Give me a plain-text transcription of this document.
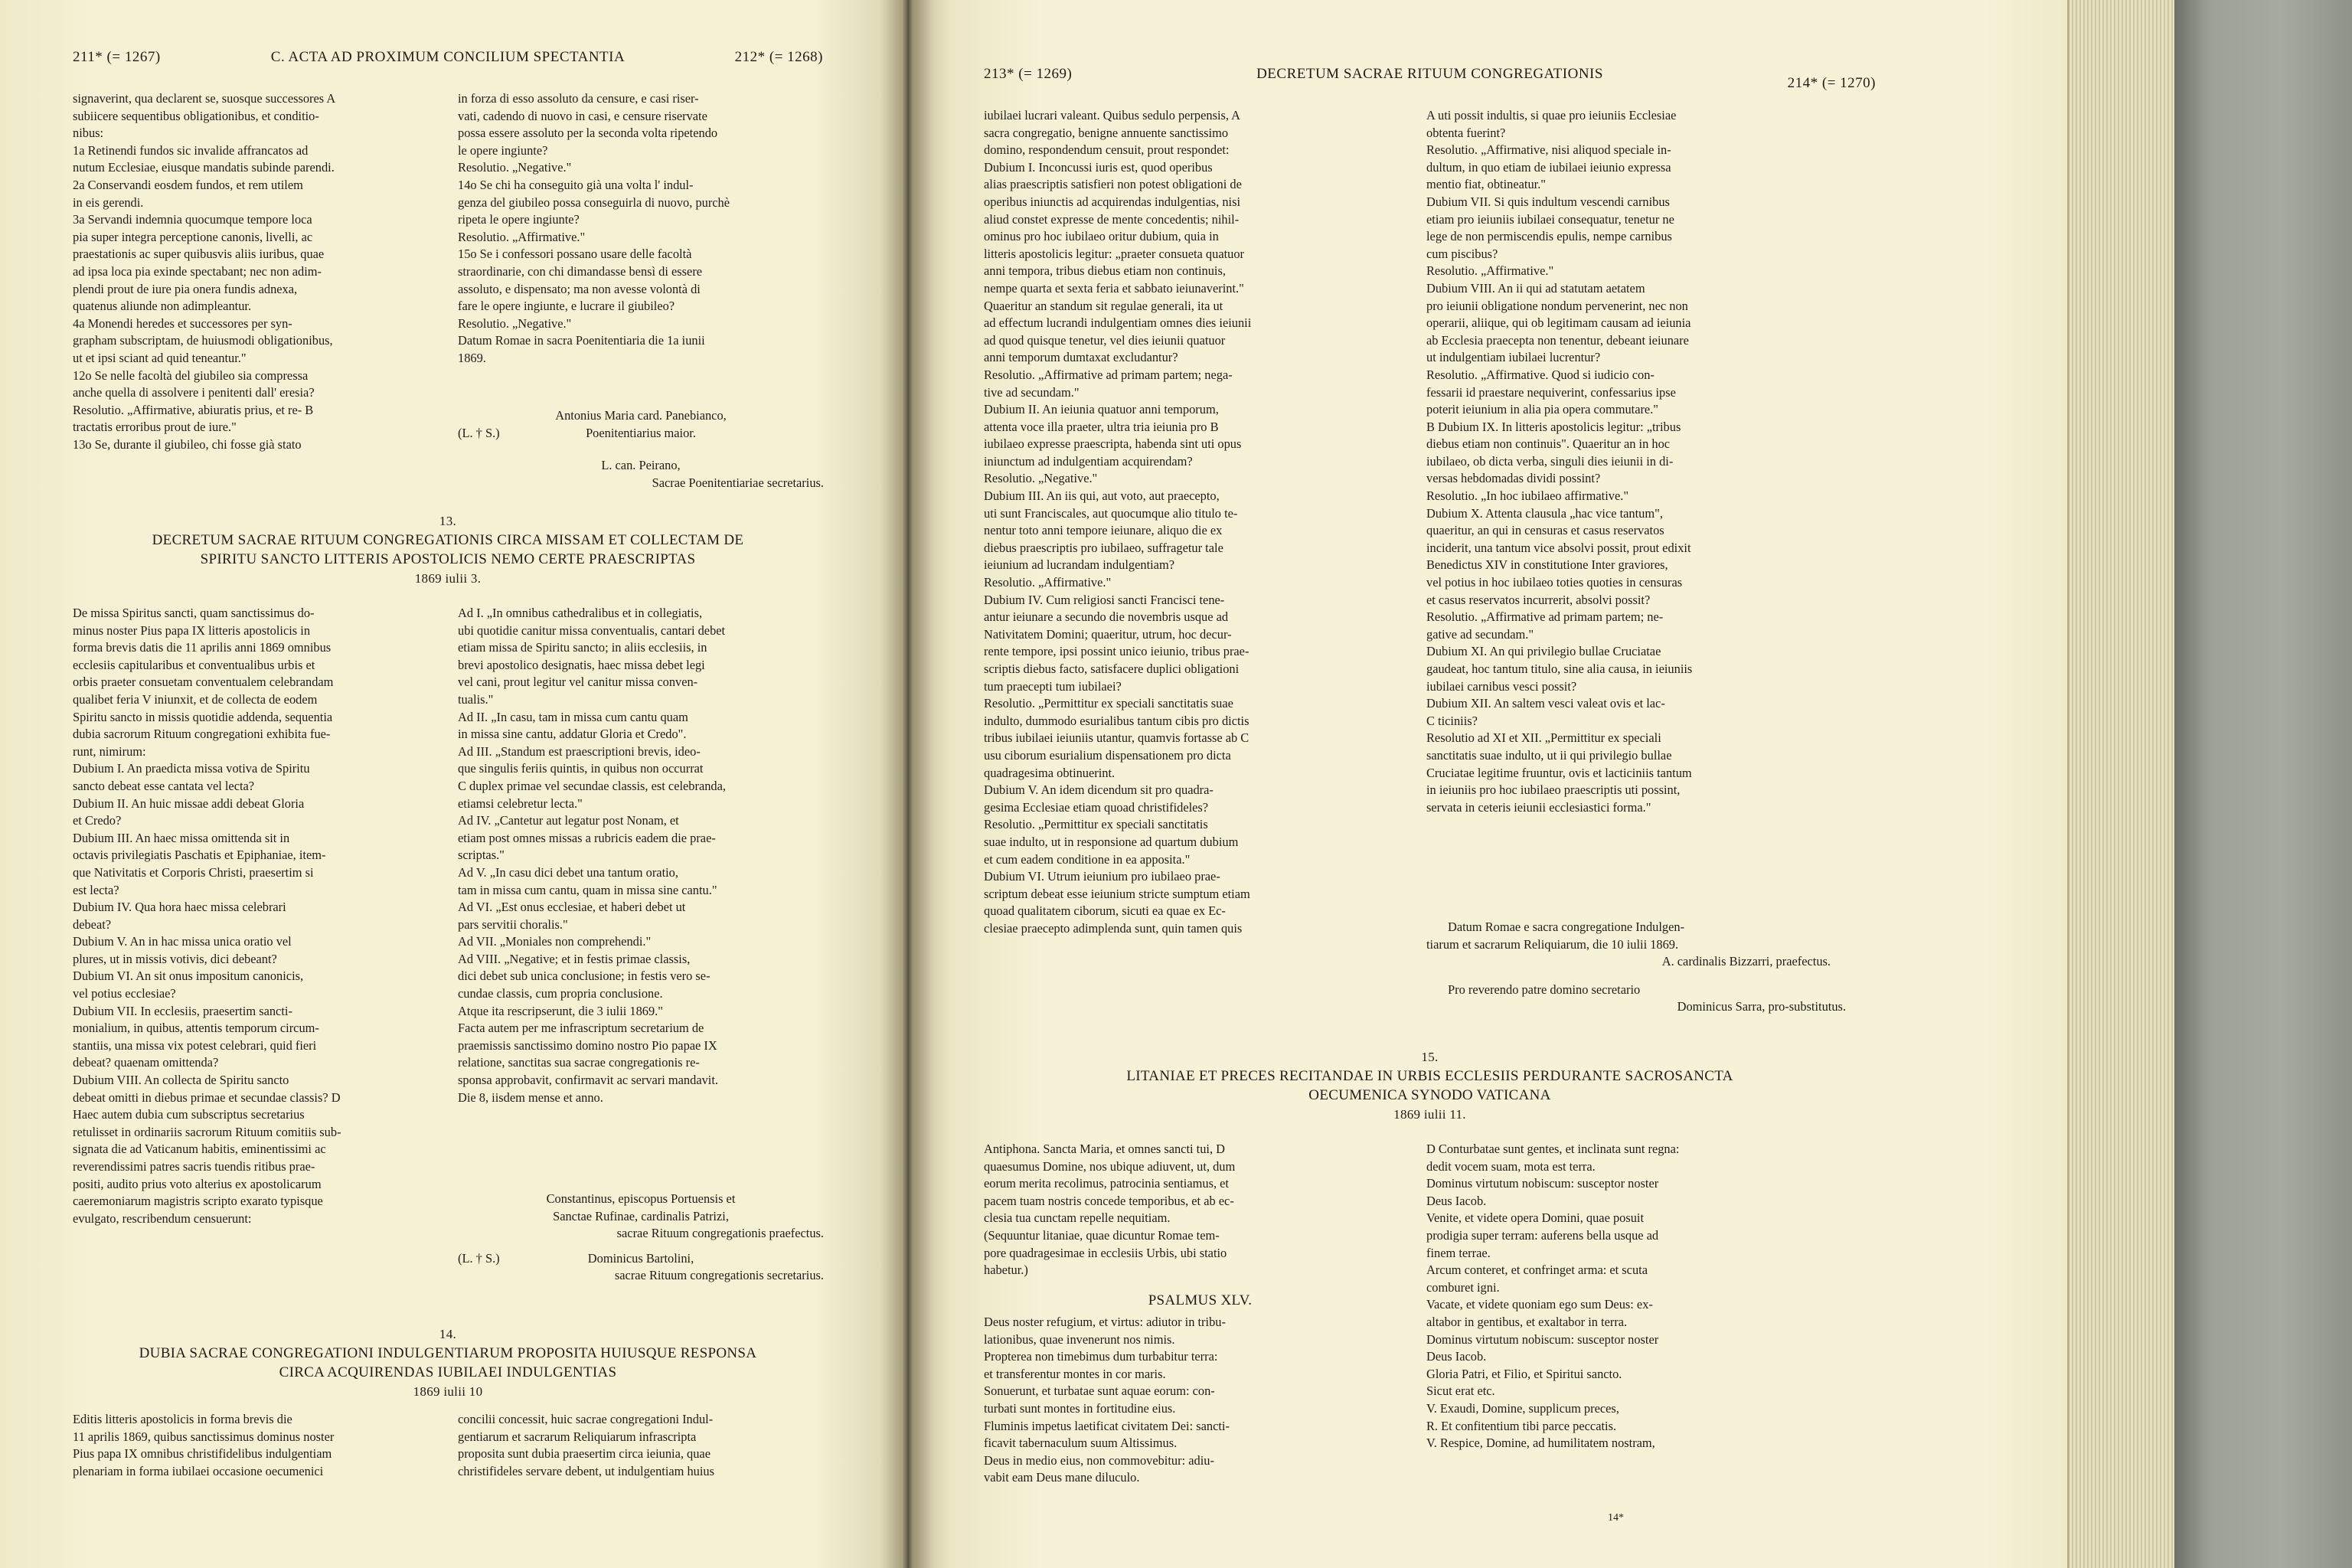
211* (= 1267)	C. ACTA AD PROXIMUM CONCILIUM SPECTANTIA	212* (= 1268)
signaverint, qua declarent se, suosque successores A
subiicere sequentibus obligationibus, et conditio-
nibus:
1a Retinendi fundos sic invalide affrancatos ad
nutum Ecclesiae, eiusque mandatis subinde parendi.
2a Conservandi eosdem fundos, et rem utilem
in eis gerendi.
3a Servandi indemnia quocumque tempore loca
pia super integra perceptione canonis, livelli, ac
praestationis ac super quibusvis aliis iuribus, quae
ad ipsa loca pia exinde spectabant; nec non adim-
plendi prout de iure pia onera fundis adnexa,
quatenus aliunde non adimpleantur.
4a Monendi heredes et successores per syn-
grapham subscriptam, de huiusmodi obligationibus,
ut et ipsi sciant ad quid teneantur."
12o Se nelle facoltà del giubileo sia compressa
anche quella di assolvere i penitenti dall' eresia?
Resolutio. „Affirmative, abiuratis prius, et re- B
tractatis erroribus prout de iure."
13o Se, durante il giubileo, chi fosse già stato
in forza di esso assoluto da censure, e casi riser-
vati, cadendo di nuovo in casi, e censure riservate
possa essere assoluto per la seconda volta ripetendo
le opere ingiunte?
Resolutio. „Negative."
14o Se chi ha conseguito già una volta l' indul-
genza del giubileo possa conseguirla di nuovo, purchè
ripeta le opere ingiunte?
Resolutio. „Affirmative."
15o Se i confessori possano usare delle facoltà
straordinarie, con chi dimandasse bensì di essere
assoluto, e dispensato; ma non avesse volontà di
fare le opere ingiunte, e lucrare il giubileo?
Resolutio. „Negative."
Datum Romae in sacra Poenitentiaria die 1a iunii
1869.
Antonius Maria card. Panebianco,
(L. † S.)	Poenitentiarius maior.
L. can. Peirano,
Sacrae Poenitentiariae secretarius.
13.
DECRETUM SACRAE RITUUM CONGREGATIONIS CIRCA MISSAM ET COLLECTAM DE
SPIRITU SANCTO LITTERIS APOSTOLICIS NEMO CERTE PRAESCRIPTAS
1869 iulii 3.
De missa Spiritus sancti, quam sanctissimus do-
minus noster Pius papa IX litteris apostolicis in
forma brevis datis die 11 aprilis anni 1869 omnibus
ecclesiis capitularibus et conventualibus urbis et
orbis praeter consuetam conventualem celebrandam
qualibet feria V iniunxit, et de collecta de eodem
Spiritu sancto in missis quotidie addenda, sequentia
dubia sacrorum Rituum congregationi exhibita fue-
runt, nimirum:
Dubium I. An praedicta missa votiva de Spiritu
sancto debeat esse cantata vel lecta?
Dubium II. An huic missae addi debeat Gloria
et Credo?
Dubium III. An haec missa omittenda sit in
octavis privilegiatis Paschatis et Epiphaniae, item-
que Nativitatis et Corporis Christi, praesertim si
est lecta?
Dubium IV. Qua hora haec missa celebrari
debeat?
Dubium V. An in hac missa unica oratio vel
plures, ut in missis votivis, dici debeant?
Dubium VI. An sit onus impositum canonicis,
vel potius ecclesiae?
Dubium VII. In ecclesiis, praesertim sancti-
monialium, in quibus, attentis temporum circum-
stantiis, una missa vix potest celebrari, quid fieri
debeat? quaenam omittenda?
Dubium VIII. An collecta de Spiritu sancto
debeat omitti in diebus primae et secundae classis? D
Haec autem dubia cum subscriptus secretarius
retulisset in ordinariis sacrorum Rituum comitiis sub-
signata die ad Vaticanum habitis, eminentissimi ac
reverendissimi patres sacris tuendis ritibus prae-
positi, audito prius voto alterius ex apostolicarum
caeremoniarum magistris scripto exarato typisque
evulgato, rescribendum censuerunt:
Ad I. „In omnibus cathedralibus et in collegiatis,
ubi quotidie canitur missa conventualis, cantari debet
etiam missa de Spiritu sancto; in aliis ecclesiis, in
brevi apostolico designatis, haec missa debet legi
vel cani, prout legitur vel canitur missa conven-
tualis."
Ad II. „In casu, tam in missa cum cantu quam
in missa sine cantu, addatur Gloria et Credo".
Ad III. „Standum est praescriptioni brevis, ideo-
que singulis feriis quintis, in quibus non occurrat
C duplex primae vel secundae classis, est celebranda,
etiamsi celebretur lecta."
Ad IV. „Cantetur aut legatur post Nonam, et
etiam post omnes missas a rubricis eadem die prae-
scriptas."
Ad V. „In casu dici debet una tantum oratio,
tam in missa cum cantu, quam in missa sine cantu."
Ad VI. „Est onus ecclesiae, et haberi debet ut
pars servitii choralis."
Ad VII. „Moniales non comprehendi."
Ad VIII. „Negative; et in festis primae classis,
dici debet sub unica conclusione; in festis vero se-
cundae classis, cum propria conclusione.
Atque ita rescripserunt, die 3 iulii 1869."
Facta autem per me infrascriptum secretarium de
praemissis sanctissimo domino nostro Pio papae IX
relatione, sanctitas sua sacrae congregationis re-
sponsa approbavit, confirmavit ac servari mandavit.
Die 8, iisdem mense et anno.
Constantinus, episcopus Portuensis et
Sanctae Rufinae, cardinalis Patrizi,
sacrae Rituum congregationis praefectus.
(L. † S.)	Dominicus Bartolini,
sacrae Rituum congregationis secretarius.
14.
DUBIA SACRAE CONGREGATIONI INDULGENTIARUM PROPOSITA HUIUSQUE RESPONSA
CIRCA ACQUIRENDAS IUBILAEI INDULGENTIAS
1869 iulii 10
Editis litteris apostolicis in forma brevis die
11 aprilis 1869, quibus sanctissimus dominus noster
Pius papa IX omnibus christifidelibus indulgentiam
plenariam in forma iubilaei occasione oecumenici
concilii concessit, huic sacrae congregationi Indul-
gentiarum et sacrarum Reliquiarum infrascripta
proposita sunt dubia praesertim circa ieiunia, quae
christifideles servare debent, ut indulgentiam huius
213* (= 1269)	DECRETUM SACRAE RITUUM CONGREGATIONIS
214* (= 1270)
iubilaei lucrari valeant. Quibus sedulo perpensis, A
sacra congregatio, benigne annuente sanctissimo
domino, respondendum censuit, prout respondet:
Dubium I. Inconcussi iuris est, quod operibus
alias praescriptis satisfieri non potest obligationi de
operibus iniunctis ad acquirendas indulgentias, nisi
aliud constet expresse de mente concedentis; nihil-
ominus pro hoc iubilaeo oritur dubium, quia in
litteris apostolicis legitur: „praeter consueta quatuor
anni tempora, tribus diebus etiam non continuis,
nempe quarta et sexta feria et sabbato ieiunaverint."
Quaeritur an standum sit regulae generali, ita ut
ad effectum lucrandi indulgentiam omnes dies ieiunii
ad quod quisque tenetur, vel dies ieiunii quatuor
anni temporum dumtaxat excludantur?
Resolutio. „Affirmative ad primam partem; nega-
tive ad secundam."
Dubium II. An ieiunia quatuor anni temporum,
attenta voce illa praeter, ultra tria ieiunia pro B
iubilaeo expresse praescripta, habenda sint uti opus
iniunctum ad indulgentiam acquirendam?
Resolutio. „Negative."
Dubium III. An iis qui, aut voto, aut praecepto,
uti sunt Franciscales, aut quocumque alio titulo te-
nentur toto anni tempore ieiunare, aliquo die ex
diebus praescriptis pro iubilaeo, suffragetur tale
ieiunium ad lucrandam indulgentiam?
Resolutio. „Affirmative."
Dubium IV. Cum religiosi sancti Francisci tene-
antur ieiunare a secundo die novembris usque ad
Nativitatem Domini; quaeritur, utrum, hoc decur-
rente tempore, ipsi possint unico ieiunio, tribus prae-
scriptis diebus facto, satisfacere duplici obligationi
tum praecepti tum iubilaei?
Resolutio. „Permittitur ex speciali sanctitatis suae
indulto, dummodo esurialibus tantum cibis pro dictis
tribus iubilaei ieiuniis utantur, quamvis fortasse ab C
usu ciborum esurialium dispensationem pro dicta
quadragesima obtinuerint.
Dubium V. An idem dicendum sit pro quadra-
gesima Ecclesiae etiam quoad christifideles?
Resolutio. „Permittitur ex speciali sanctitatis
suae indulto, ut in responsione ad quartum dubium
et cum eadem conditione in ea apposita."
Dubium VI. Utrum ieiunium pro iubilaeo prae-
scriptum debeat esse ieiunium stricte sumptum etiam
quoad qualitatem ciborum, sicuti ea quae ex Ec-
clesiae praecepto adimplenda sunt, quin tamen quis
A uti possit indultis, si quae pro ieiuniis Ecclesiae
obtenta fuerint?
Resolutio. „Affirmative, nisi aliquod speciale in-
dultum, in quo etiam de iubilaei ieiunio expressa
mentio fiat, obtineatur."
Dubium VII. Si quis indultum vescendi carnibus
etiam pro ieiuniis iubilaei consequatur, tenetur ne
lege de non permiscendis epulis, nempe carnibus
cum piscibus?
Resolutio. „Affirmative."
Dubium VIII. An ii qui ad statutam aetatem
pro ieiunii obligatione nondum pervenerint, nec non
operarii, aliique, qui ob legitimam causam ad ieiunia
ab Ecclesia praecepta non tenentur, debeant ieiunare
ut indulgentiam iubilaei lucrentur?
Resolutio. „Affirmative. Quod si iudicio con-
fessarii id praestare nequiverint, confessarius ipse
poterit ieiunium in alia pia opera commutare."
B Dubium IX. In litteris apostolicis legitur: „tribus
diebus etiam non continuis". Quaeritur an in hoc
iubilaeo, ob dicta verba, singuli dies ieiunii in di-
versas hebdomadas dividi possint?
Resolutio. „In hoc iubilaeo affirmative."
Dubium X. Attenta clausula „hac vice tantum",
quaeritur, an qui in censuras et casus reservatos
inciderit, una tantum vice absolvi possit, prout edixit
Benedictus XIV in constitutione Inter graviores,
vel potius in hoc iubilaeo toties quoties in censuras
et casus reservatos incurrerit, absolvi possit?
Resolutio. „Affirmative ad primam partem; ne-
gative ad secundam."
Dubium XI. An qui privilegio bullae Cruciatae
gaudeat, hoc tantum titulo, sine alia causa, in ieiuniis
iubilaei carnibus vesci possit?
Dubium XII. An saltem vesci valeat ovis et lac-
C ticiniis?
Resolutio ad XI et XII. „Permittitur ex speciali
sanctitatis suae indulto, ut ii qui privilegio bullae
Cruciatae legitime fruuntur, ovis et lacticiniis tantum
in ieiuniis pro hoc iubilaeo praescriptis uti possint,
servata in ceteris ieiunii ecclesiastici forma."
Datum Romae e sacra congregatione Indulgen-
tiarum et sacrarum Reliquiarum, die 10 iulii 1869.
A. cardinalis Bizzarri, praefectus.
Pro reverendo patre domino secretario
Dominicus Sarra, pro-substitutus.
15.
LITANIAE ET PRECES RECITANDAE IN URBIS ECCLESIIS PERDURANTE SACROSANCTA
OECUMENICA SYNODO VATICANA
1869 iulii 11.
Antiphona. Sancta Maria, et omnes sancti tui, D
quaesumus Domine, nos ubique adiuvent, ut, dum
eorum merita recolimus, patrocinia sentiamus, et
pacem tuam nostris concede temporibus, et ab ec-
clesia tua cunctam repelle nequitiam.
(Sequuntur litaniae, quae dicuntur Romae tem-
pore quadragesimae in ecclesiis Urbis, ubi statio
habetur.)
PSALMUS XLV.
Deus noster refugium, et virtus: adiutor in tribu-
lationibus, quae invenerunt nos nimis.
Propterea non timebimus dum turbabitur terra:
et transferentur montes in cor maris.
Sonuerunt, et turbatae sunt aquae eorum: con-
turbati sunt montes in fortitudine eius.
Fluminis impetus laetificat civitatem Dei: sancti-
ficavit tabernaculum suum Altissimus.
Deus in medio eius, non commovebitur: adiu-
vabit eam Deus mane diluculo.
D Conturbatae sunt gentes, et inclinata sunt regna:
dedit vocem suam, mota est terra.
Dominus virtutum nobiscum: susceptor noster
Deus Iacob.
Venite, et videte opera Domini, quae posuit
prodigia super terram: auferens bella usque ad
finem terrae.
Arcum conteret, et confringet arma: et scuta
comburet igni.
Vacate, et videte quoniam ego sum Deus: ex-
altabor in gentibus, et exaltabor in terra.
Dominus virtutum nobiscum: susceptor noster
Deus Iacob.
Gloria Patri, et Filio, et Spiritui sancto.
Sicut erat etc.
V. Exaudi, Domine, supplicum preces,
R. Et confitentium tibi parce peccatis.
V. Respice, Domine, ad humilitatem nostram,
14*
